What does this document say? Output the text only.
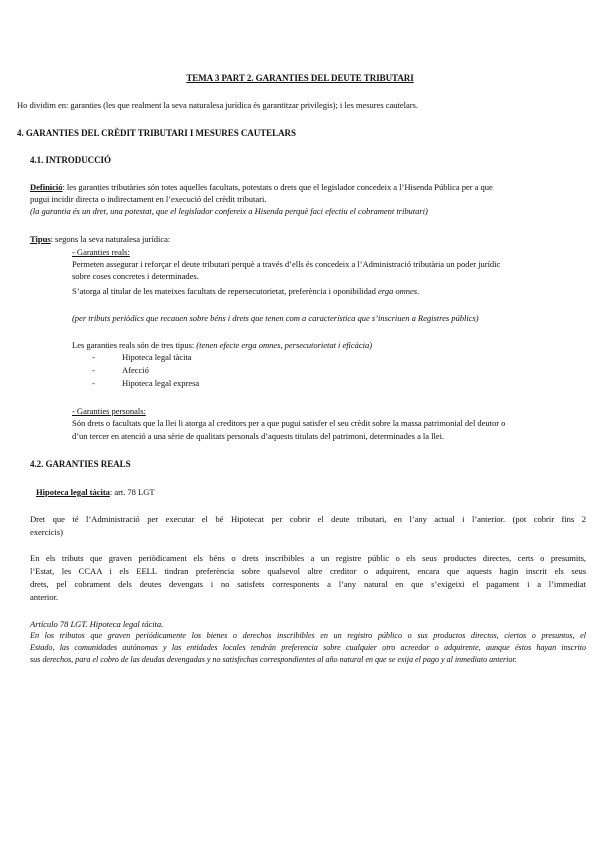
TEMA 3 PART 2. GARANTIES DEL DEUTE TRIBUTARI

Ho dividim en: garanties (les que realment la seva naturalesa jurídica és garantitzar privilegis); i les mesures cautelars.

4. GARANTIES DEL CRÈDIT TRIBUTARI I MESURES CAUTELARS

4.1. INTRODUCCIÓ

Definició: les garanties tributàries són totes aquelles facultats, potestats o drets que el legislador concedeix a l’Hisenda Pública per a que

pugui incidir directa o indirectament en l’execució del crèdit tributari.

(la garantia és un dret, una potestat, que el legislador confereix a Hisenda perquè faci efectiu el cobrament tributari)

Tipus: segons la seva naturalesa jurídica:

- Garanties reals:

Permeten assegurar i reforçar el deute tributari perquè a través d’ells és concedeix a l’Administració tributària un poder jurídic

sobre coses concretes i determinades.

S’atorga al titular de les mateixes facultats de repersecutorietat, preferència i oponibilidad erga omnes.

(per tributs periòdics que recauen sobre béns i drets que tenen com a característica que s’inscriuen a Registres públics)

Les garanties reals són de tres tipus: (tenen efecte erga omnes, persecutorietat i eficàcia)

-	Hipoteca legal tàcita

-	Afecció

-	Hipoteca legal expresa

- Garanties personals:

Són drets o facultats que la llei li atorga al creditors per a que pugui satisfer el seu crèdit sobre la massa patrimonial del deutor o

d’un tercer en atenció a una sèrie de qualitats personals d’aquests titulats del patrimoni, determinades a la llei.

4.2. GARANTIES REALS

Hipoteca legal tàcita: art. 78 LGT

Dret que té l’Administració per executar el bé Hipotecat per cobrir el deute tributari, en l’any actual i l’anterior. (pot cobrir fins 2

exercicis)

En els tributs que graven periòdicament els béns o drets inscribibles a un registre públic o els seus productes directes, certs o presumits,

l’Estat, les CCAA i els EELL tindran preferència sobre qualsevol altre creditor o adquirent, encara que aquests hagin inscrit els seus

drets, pel cobrament dels deutes devengats i no satisfets corresponents a l’any natural en que s’exigeixi el pagament i a l’immediat

anterior.

Artículo 78 LGT. Hipoteca legal tácita.

En los tributos que graven periódicamente los bienes o derechos inscribibles en un registro público o sus productos directos, ciertos o presuntos, el

Estado, las comunidades autónomas y las entidades locales tendrán preferencia sobre cualquier otro acreedor o adquirente, aunque éstos hayan inscrito

sus derechos, para el cobro de las deudas devengadas y no satisfechas correspondientes al año natural en que se exija el pago y al inmediato anterior.
